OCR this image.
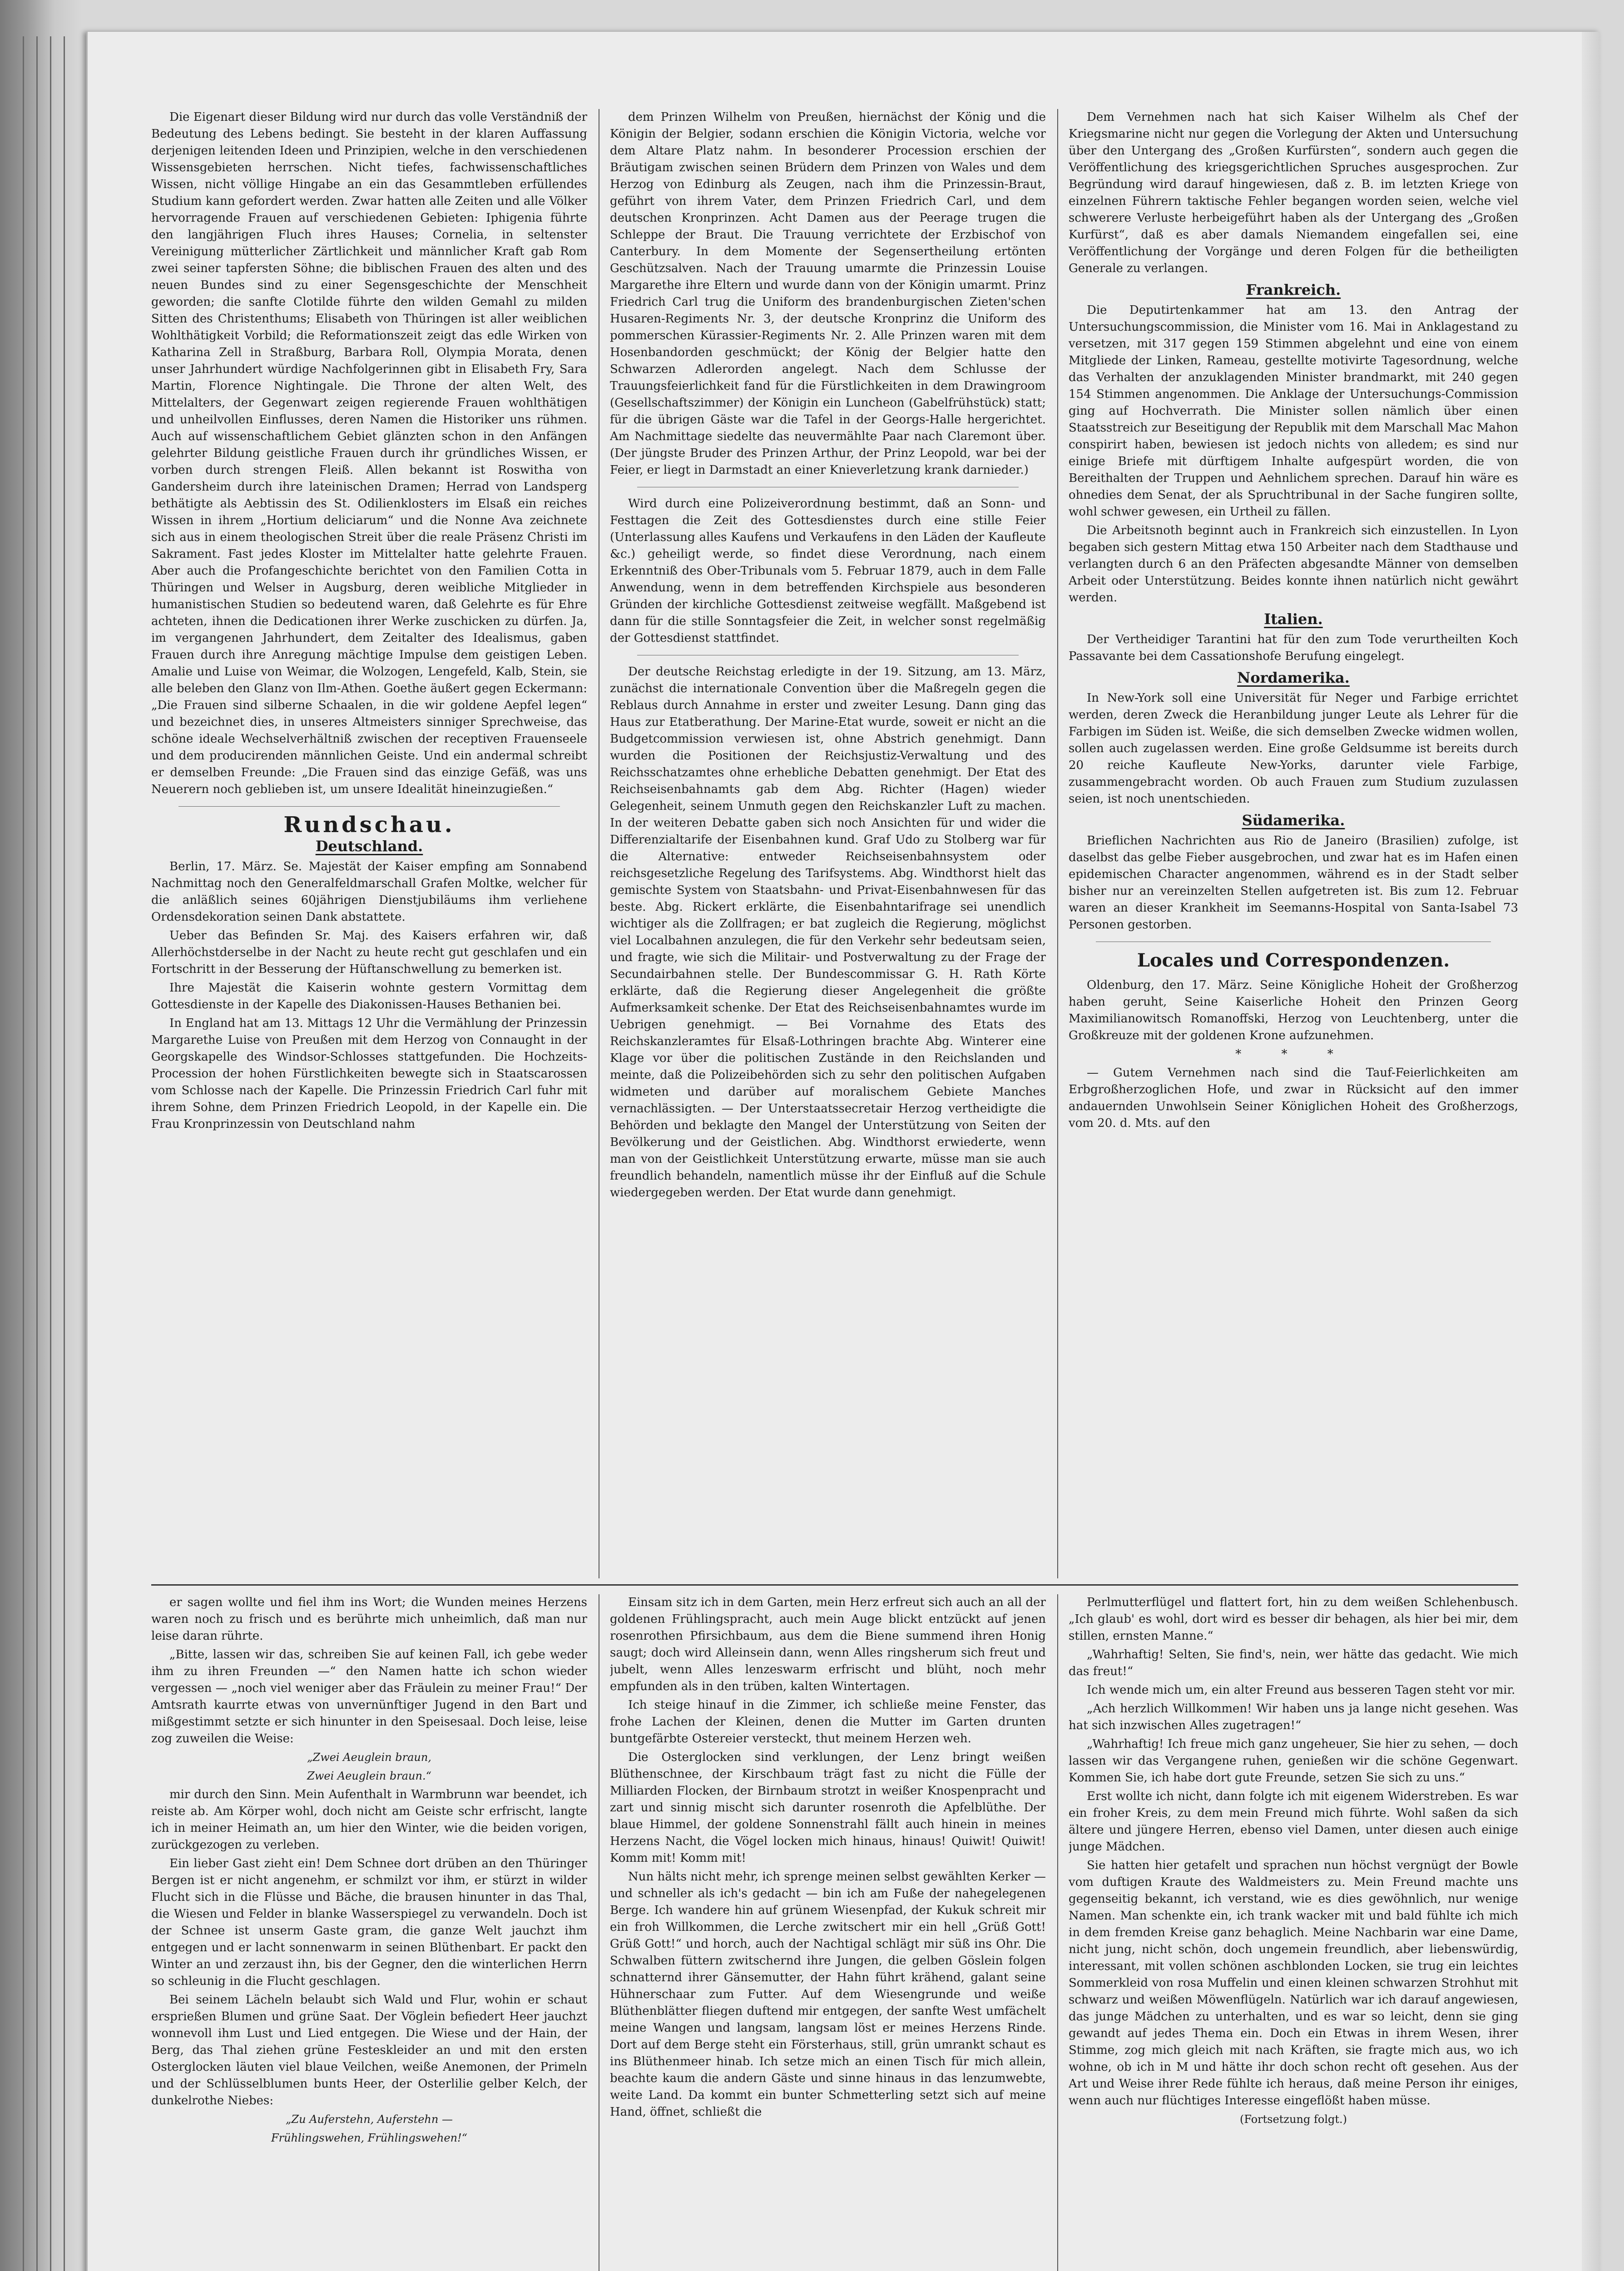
Die Eigenart dieser Bildung wird nur durch das volle Verständniß der Bedeutung des Lebens bedingt. Sie besteht in der klaren Auffassung derjenigen leitenden Ideen und Prinzipien, welche in den verschiedenen Wissensgebieten herrschen. Nicht tiefes, fachwissenschaftliches Wissen, nicht völlige Hingabe an ein das Gesammtleben erfüllendes Studium kann gefordert werden. Zwar hatten alle Zeiten und alle Völker hervorragende Frauen auf verschiedenen Gebieten: Iphigenia führte den langjährigen Fluch ihres Hauses; Cornelia, in seltenster Vereinigung mütterlicher Zärtlichkeit und männlicher Kraft gab Rom zwei seiner tapfersten Söhne; die biblischen Frauen des alten und des neuen Bundes sind zu einer Segensgeschichte der Menschheit geworden; die sanfte Clotilde führte den wilden Gemahl zu milden Sitten des Christenthums; Elisabeth von Thüringen ist aller weiblichen Wohlthätigkeit Vorbild; die Reformationszeit zeigt das edle Wirken von Katharina Zell in Straßburg, Barbara Roll, Olympia Morata, denen unser Jahrhundert würdige Nachfolgerinnen gibt in Elisabeth Fry, Sara Martin, Florence Nightingale. Die Throne der alten Welt, des Mittelalters, der Gegenwart zeigen regierende Frauen wohlthätigen und unheilvollen Einflusses, deren Namen die Historiker uns rühmen. Auch auf wissenschaftlichem Gebiet glänzten schon in den Anfängen gelehrter Bildung geistliche Frauen durch ihr gründliches Wissen, er vorben durch strengen Fleiß. Allen bekannt ist Roswitha von Gandersheim durch ihre lateinischen Dramen; Herrad von Landsperg bethätigte als Aebtissin des St. Odilienklosters im Elsaß ein reiches Wissen in ihrem „Hortium deliciarum“ und die Nonne Ava zeichnete sich aus in einem theologischen Streit über die reale Präsenz Christi im Sakrament. Fast jedes Kloster im Mittelalter hatte gelehrte Frauen. Aber auch die Profangeschichte berichtet von den Familien Cotta in Thüringen und Welser in Augsburg, deren weibliche Mitglieder in humanistischen Studien so bedeutend waren, daß Gelehrte es für Ehre achteten, ihnen die Dedicationen ihrer Werke zuschicken zu dürfen. Ja, im vergangenen Jahrhundert, dem Zeitalter des Idealismus, gaben Frauen durch ihre Anregung mächtige Impulse dem geistigen Leben. Amalie und Luise von Weimar, die Wolzogen, Lengefeld, Kalb, Stein, sie alle beleben den Glanz von Ilm-Athen. Goethe äußert gegen Eckermann: „Die Frauen sind silberne Schaalen, in die wir goldene Aepfel legen“ und bezeichnet dies, in unseres Altmeisters sinniger Sprechweise, das schöne ideale Wechselverhältniß zwischen der receptiven Frauenseele und dem producirenden männlichen Geiste. Und ein andermal schreibt er demselben Freunde: „Die Frauen sind das einzige Gefäß, was uns Neuerern noch geblieben ist, um unsere Idealität hineinzugießen.“

Rundschau.
Deutschland.

Berlin, 17. März. Se. Majestät der Kaiser empfing am Sonnabend Nachmittag noch den Generalfeldmarschall Grafen Moltke, welcher für die anläßlich seines 60jährigen Dienstjubiläums ihm verliehene Ordensdekoration seinen Dank abstattete.

Ueber das Befinden Sr. Maj. des Kaisers erfahren wir, daß Allerhöchstderselbe in der Nacht zu heute recht gut geschlafen und ein Fortschritt in der Besserung der Hüftanschwellung zu bemerken ist.

Ihre Majestät die Kaiserin wohnte gestern Vormittag dem Gottesdienste in der Kapelle des Diakonissen-Hauses Bethanien bei.

In England hat am 13. Mittags 12 Uhr die Vermählung der Prinzessin Margarethe Luise von Preußen mit dem Herzog von Connaught in der Georgskapelle des Windsor-Schlosses stattgefunden. Die Hochzeits-Procession der hohen Fürstlichkeiten bewegte sich in Staatscarossen vom Schlosse nach der Kapelle. Die Prinzessin Friedrich Carl fuhr mit ihrem Sohne, dem Prinzen Friedrich Leopold, in der Kapelle ein. Die Frau Kronprinzessin von Deutschland nahm

dem Prinzen Wilhelm von Preußen, hiernächst der König und die Königin der Belgier, sodann erschien die Königin Victoria, welche vor dem Altare Platz nahm. In besonderer Procession erschien der Bräutigam zwischen seinen Brüdern dem Prinzen von Wales und dem Herzog von Edinburg als Zeugen, nach ihm die Prinzessin-Braut, geführt von ihrem Vater, dem Prinzen Friedrich Carl, und dem deutschen Kronprinzen. Acht Damen aus der Peerage trugen die Schleppe der Braut. Die Trauung verrichtete der Erzbischof von Canterbury. In dem Momente der Segensertheilung ertönten Geschützsalven. Nach der Trauung umarmte die Prinzessin Louise Margarethe ihre Eltern und wurde dann von der Königin umarmt. Prinz Friedrich Carl trug die Uniform des brandenburgischen Zieten'schen Husaren-Regiments Nr. 3, der deutsche Kronprinz die Uniform des pommerschen Kürassier-Regiments Nr. 2. Alle Prinzen waren mit dem Hosenbandorden geschmückt; der König der Belgier hatte den Schwarzen Adlerorden angelegt. Nach dem Schlusse der Trauungsfeierlichkeit fand für die Fürstlichkeiten in dem Drawingroom (Gesellschaftszimmer) der Königin ein Luncheon (Gabelfrühstück) statt; für die übrigen Gäste war die Tafel in der Georgs-Halle hergerichtet. Am Nachmittage siedelte das neuvermählte Paar nach Claremont über. (Der jüngste Bruder des Prinzen Arthur, der Prinz Leopold, war bei der Feier, er liegt in Darmstadt an einer Knieverletzung krank darnieder.)

Wird durch eine Polizeiverordnung bestimmt, daß an Sonn- und Festtagen die Zeit des Gottesdienstes durch eine stille Feier (Unterlassung alles Kaufens und Verkaufens in den Läden der Kaufleute &c.) geheiligt werde, so findet diese Verordnung, nach einem Erkenntniß des Ober-Tribunals vom 5. Februar 1879, auch in dem Falle Anwendung, wenn in dem betreffenden Kirchspiele aus besonderen Gründen der kirchliche Gottesdienst zeitweise wegfällt. Maßgebend ist dann für die stille Sonntagsfeier die Zeit, in welcher sonst regelmäßig der Gottesdienst stattfindet.

Der deutsche Reichstag erledigte in der 19. Sitzung, am 13. März, zunächst die internationale Convention über die Maßregeln gegen die Reblaus durch Annahme in erster und zweiter Lesung. Dann ging das Haus zur Etatberathung. Der Marine-Etat wurde, soweit er nicht an die Budgetcommission verwiesen ist, ohne Abstrich genehmigt. Dann wurden die Positionen der Reichsjustiz-Verwaltung und des Reichsschatzamtes ohne erhebliche Debatten genehmigt. Der Etat des Reichseisenbahnamts gab dem Abg. Richter (Hagen) wieder Gelegenheit, seinem Unmuth gegen den Reichskanzler Luft zu machen. In der weiteren Debatte gaben sich noch Ansichten für und wider die Differenzialtarife der Eisenbahnen kund. Graf Udo zu Stolberg war für die Alternative: entweder Reichseisenbahnsystem oder reichsgesetzliche Regelung des Tarifsystems. Abg. Windthorst hielt das gemischte System von Staatsbahn- und Privat-Eisenbahnwesen für das beste. Abg. Rickert erklärte, die Eisenbahntarifrage sei unendlich wichtiger als die Zollfragen; er bat zugleich die Regierung, möglichst viel Localbahnen anzulegen, die für den Verkehr sehr bedeutsam seien, und fragte, wie sich die Militair- und Postverwaltung zu der Frage der Secundairbahnen stelle. Der Bundescommissar G. H. Rath Körte erklärte, daß die Regierung dieser Angelegenheit die größte Aufmerksamkeit schenke. Der Etat des Reichseisenbahnamtes wurde im Uebrigen genehmigt. — Bei Vornahme des Etats des Reichskanzleramtes für Elsaß-Lothringen brachte Abg. Winterer eine Klage vor über die politischen Zustände in den Reichslanden und meinte, daß die Polizeibehörden sich zu sehr den politischen Aufgaben widmeten und darüber auf moralischem Gebiete Manches vernachlässigten. — Der Unterstaatssecretair Herzog vertheidigte die Behörden und beklagte den Mangel der Unterstützung von Seiten der Bevölkerung und der Geistlichen. Abg. Windthorst erwiederte, wenn man von der Geistlichkeit Unterstützung erwarte, müsse man sie auch freundlich behandeln, namentlich müsse ihr der Einfluß auf die Schule wiedergegeben werden. Der Etat wurde dann genehmigt.

Dem Vernehmen nach hat sich Kaiser Wilhelm als Chef der Kriegsmarine nicht nur gegen die Vorlegung der Akten und Untersuchung über den Untergang des „Großen Kurfürsten“, sondern auch gegen die Veröffentlichung des kriegsgerichtlichen Spruches ausgesprochen. Zur Begründung wird darauf hingewiesen, daß z. B. im letzten Kriege von einzelnen Führern taktische Fehler begangen worden seien, welche viel schwerere Verluste herbeigeführt haben als der Untergang des „Großen Kurfürst“, daß es aber damals Niemandem eingefallen sei, eine Veröffentlichung der Vorgänge und deren Folgen für die betheiligten Generale zu verlangen.

Frankreich.

Die Deputirtenkammer hat am 13. den Antrag der Untersuchungscommission, die Minister vom 16. Mai in Anklagestand zu versetzen, mit 317 gegen 159 Stimmen abgelehnt und eine von einem Mitgliede der Linken, Rameau, gestellte motivirte Tagesordnung, welche das Verhalten der anzuklagenden Minister brandmarkt, mit 240 gegen 154 Stimmen angenommen. Die Anklage der Untersuchungs-Commission ging auf Hochverrath. Die Minister sollen nämlich über einen Staatsstreich zur Beseitigung der Republik mit dem Marschall Mac Mahon conspirirt haben, bewiesen ist jedoch nichts von alledem; es sind nur einige Briefe mit dürftigem Inhalte aufgespürt worden, die von Bereithalten der Truppen und Aehnlichem sprechen. Darauf hin wäre es ohnedies dem Senat, der als Spruchtribunal in der Sache fungiren sollte, wohl schwer gewesen, ein Urtheil zu fällen.

Die Arbeitsnoth beginnt auch in Frankreich sich einzustellen. In Lyon begaben sich gestern Mittag etwa 150 Arbeiter nach dem Stadthause und verlangten durch 6 an den Präfecten abgesandte Männer von demselben Arbeit oder Unterstützung. Beides konnte ihnen natürlich nicht gewährt werden.

Italien.

Der Vertheidiger Tarantini hat für den zum Tode verurtheilten Koch Passavante bei dem Cassationshofe Berufung eingelegt.

Nordamerika.

In New-York soll eine Universität für Neger und Farbige errichtet werden, deren Zweck die Heranbildung junger Leute als Lehrer für die Farbigen im Süden ist. Weiße, die sich demselben Zwecke widmen wollen, sollen auch zugelassen werden. Eine große Geldsumme ist bereits durch 20 reiche Kaufleute New-Yorks, darunter viele Farbige, zusammengebracht worden. Ob auch Frauen zum Studium zuzulassen seien, ist noch unentschieden.

Südamerika.

Brieflichen Nachrichten aus Rio de Janeiro (Brasilien) zufolge, ist daselbst das gelbe Fieber ausgebrochen, und zwar hat es im Hafen einen epidemischen Character angenommen, während es in der Stadt selber bisher nur an vereinzelten Stellen aufgetreten ist. Bis zum 12. Februar waren an dieser Krankheit im Seemanns-Hospital von Santa-Isabel 73 Personen gestorben.

Locales und Correspondenzen.

Oldenburg, den 17. März. Seine Königliche Hoheit der Großherzog haben geruht, Seine Kaiserliche Hoheit den Prinzen Georg Maximilianowitsch Romanoffski, Herzog von Leuchtenberg, unter die Großkreuze mit der goldenen Krone aufzunehmen.

* * *

— Gutem Vernehmen nach sind die Tauf-Feierlichkeiten am Erbgroßherzoglichen Hofe, und zwar in Rücksicht auf den immer andauernden Unwohlsein Seiner Königlichen Hoheit des Großherzogs, vom 20. d. Mts. auf den

er sagen wollte und fiel ihm ins Wort; die Wunden meines Herzens waren noch zu frisch und es berührte mich unheimlich, daß man nur leise daran rührte.

„Bitte, lassen wir das, schreiben Sie auf keinen Fall, ich gebe weder ihm zu ihren Freunden —“ den Namen hatte ich schon wieder vergessen — „noch viel weniger aber das Fräulein zu meiner Frau!“ Der Amtsrath kaurrte etwas von unvernünftiger Jugend in den Bart und mißgestimmt setzte er sich hinunter in den Speisesaal. Doch leise, leise zog zuweilen die Weise:

„Zwei Aeuglein braun,

Zwei Aeuglein braun.“

mir durch den Sinn. Mein Aufenthalt in Warmbrunn war beendet, ich reiste ab. Am Körper wohl, doch nicht am Geiste schr erfrischt, langte ich in meiner Heimath an, um hier den Winter, wie die beiden vorigen, zurückgezogen zu verleben.

Ein lieber Gast zieht ein! Dem Schnee dort drüben an den Thüringer Bergen ist er nicht angenehm, er schmilzt vor ihm, er stürzt in wilder Flucht sich in die Flüsse und Bäche, die brausen hinunter in das Thal, die Wiesen und Felder in blanke Wasserspiegel zu verwandeln. Doch ist der Schnee ist unserm Gaste gram, die ganze Welt jauchzt ihm entgegen und er lacht sonnenwarm in seinen Blüthenbart. Er packt den Winter an und zerzaust ihn, bis der Gegner, den die winterlichen Herrn so schleunig in die Flucht geschlagen.

Bei seinem Lächeln belaubt sich Wald und Flur, wohin er schaut ersprießen Blumen und grüne Saat. Der Vöglein befiedert Heer jauchzt wonnevoll ihm Lust und Lied entgegen. Die Wiese und der Hain, der Berg, das Thal ziehen grüne Festeskleider an und mit den ersten Osterglocken läuten viel blaue Veilchen, weiße Anemonen, der Primeln und der Schlüsselblumen bunts Heer, der Osterlilie gelber Kelch, der dunkelrothe Niebes:

„Zu Auferstehn, Auferstehn —

Frühlingswehen, Frühlingswehen!“

Einsam sitz ich in dem Garten, mein Herz erfreut sich auch an all der goldenen Frühlingspracht, auch mein Auge blickt entzückt auf jenen rosenrothen Pfirsichbaum, aus dem die Biene summend ihren Honig saugt; doch wird Alleinsein dann, wenn Alles ringsherum sich freut und jubelt, wenn Alles lenzeswarm erfrischt und blüht, noch mehr empfunden als in den trüben, kalten Wintertagen.

Ich steige hinauf in die Zimmer, ich schließe meine Fenster, das frohe Lachen der Kleinen, denen die Mutter im Garten drunten buntgefärbte Ostereier versteckt, thut meinem Herzen weh.

Die Osterglocken sind verklungen, der Lenz bringt weißen Blüthenschnee, der Kirschbaum trägt fast zu nicht die Fülle der Milliarden Flocken, der Birnbaum strotzt in weißer Knospenpracht und zart und sinnig mischt sich darunter rosenroth die Apfelblüthe. Der blaue Himmel, der goldene Sonnenstrahl fällt auch hinein in meines Herzens Nacht, die Vögel locken mich hinaus, hinaus! Quiwit! Quiwit! Komm mit! Komm mit!

Nun hälts nicht mehr, ich sprenge meinen selbst gewählten Kerker — und schneller als ich's gedacht — bin ich am Fuße der nahegelegenen Berge. Ich wandere hin auf grünem Wiesenpfad, der Kukuk schreit mir ein froh Willkommen, die Lerche zwitschert mir ein hell „Grüß Gott! Grüß Gott!“ und horch, auch der Nachtigal schlägt mir süß ins Ohr. Die Schwalben füttern zwitschernd ihre Jungen, die gelben Göslein folgen schnatternd ihrer Gänsemutter, der Hahn führt krähend, galant seine Hühnerschaar zum Futter. Auf dem Wiesengrunde und weiße Blüthenblätter fliegen duftend mir entgegen, der sanfte West umfächelt meine Wangen und langsam, langsam löst er meines Herzens Rinde. Dort auf dem Berge steht ein Försterhaus, still, grün umrankt schaut es ins Blüthenmeer hinab. Ich setze mich an einen Tisch für mich allein, beachte kaum die andern Gäste und sinne hinaus in das lenzumwebte, weite Land. Da kommt ein bunter Schmetterling setzt sich auf meine Hand, öffnet, schließt die

Perlmutterflügel und flattert fort, hin zu dem weißen Schlehenbusch. „Ich glaub' es wohl, dort wird es besser dir behagen, als hier bei mir, dem stillen, ernsten Manne.“

„Wahrhaftig! Selten, Sie find's, nein, wer hätte das gedacht. Wie mich das freut!“

Ich wende mich um, ein alter Freund aus besseren Tagen steht vor mir.

„Ach herzlich Willkommen! Wir haben uns ja lange nicht gesehen. Was hat sich inzwischen Alles zugetragen!“

„Wahrhaftig! Ich freue mich ganz ungeheuer, Sie hier zu sehen, — doch lassen wir das Vergangene ruhen, genießen wir die schöne Gegenwart. Kommen Sie, ich habe dort gute Freunde, setzen Sie sich zu uns.“

Erst wollte ich nicht, dann folgte ich mit eigenem Widerstreben. Es war ein froher Kreis, zu dem mein Freund mich führte. Wohl saßen da sich ältere und jüngere Herren, ebenso viel Damen, unter diesen auch einige junge Mädchen.

Sie hatten hier getafelt und sprachen nun höchst vergnügt der Bowle vom duftigen Kraute des Waldmeisters zu. Mein Freund machte uns gegenseitig bekannt, ich verstand, wie es dies gewöhnlich, nur wenige Namen. Man schenkte ein, ich trank wacker mit und bald fühlte ich mich in dem fremden Kreise ganz behaglich. Meine Nachbarin war eine Dame, nicht jung, nicht schön, doch ungemein freundlich, aber liebenswürdig, interessant, mit vollen schönen aschblonden Locken, sie trug ein leichtes Sommerkleid von rosa Muffelin und einen kleinen schwarzen Strohhut mit schwarz und weißen Möwenflügeln. Natürlich war ich darauf angewiesen, das junge Mädchen zu unterhalten, und es war so leicht, denn sie ging gewandt auf jedes Thema ein. Doch ein Etwas in ihrem Wesen, ihrer Stimme, zog mich gleich mit nach Kräften, sie fragte mich aus, wo ich wohne, ob ich in M und hätte ihr doch schon recht oft gesehen. Aus der Art und Weise ihrer Rede fühlte ich heraus, daß meine Person ihr einiges, wenn auch nur flüchtiges Interesse eingeflößt haben müsse.

(Fortsetzung folgt.)
